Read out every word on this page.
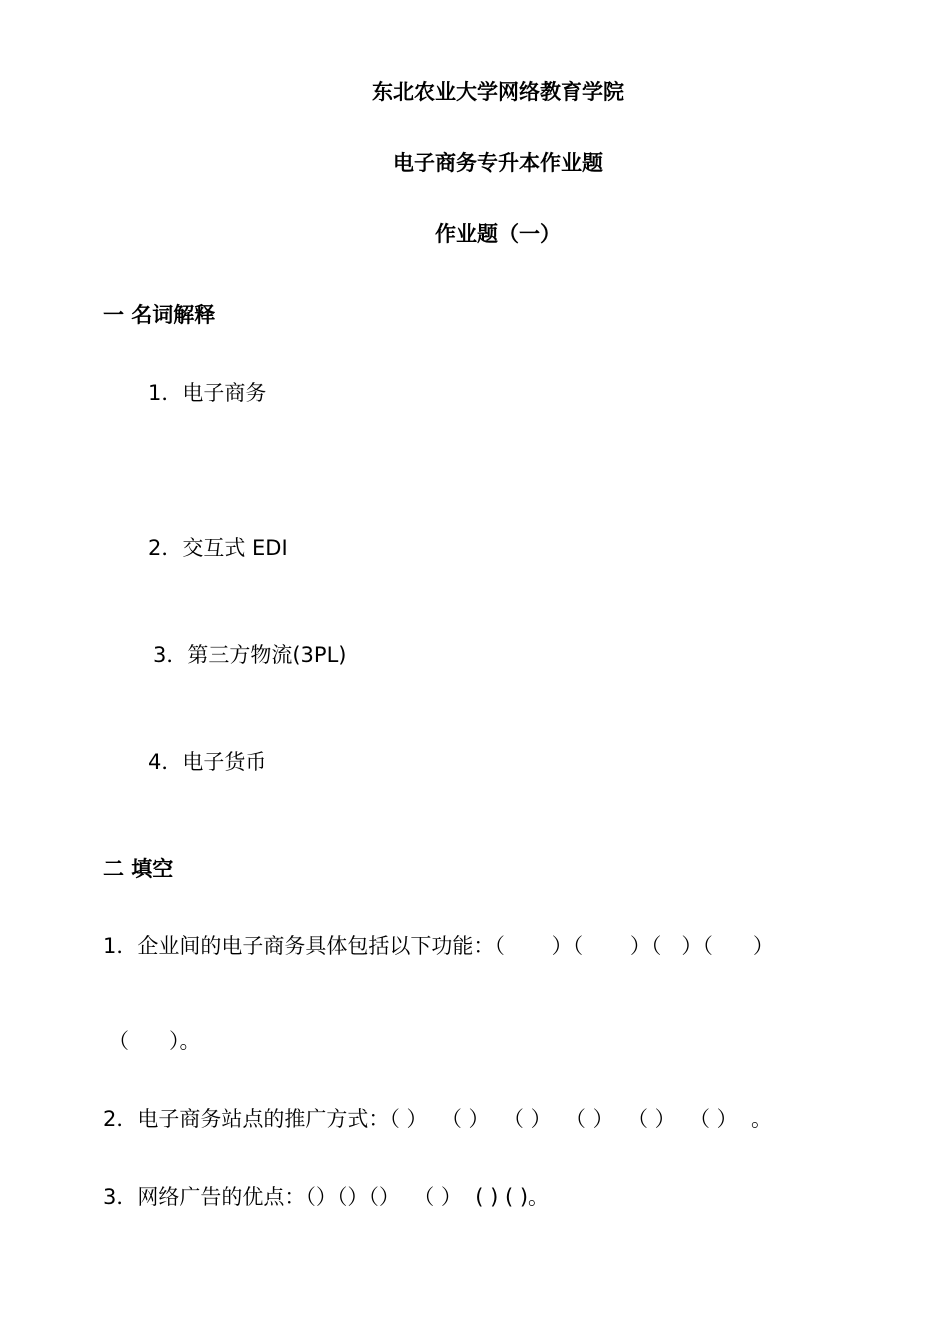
东北农业大学网络教育学院
电子商务专升本作业题
作业题（一）
一 名词解释
1．电子商务
2．交互式 EDI
3．第三方物流(3PL)
4．电子货币
二 填空
1．企业间的电子商务具体包括以下功能：（       ）（       ）（   ）（      ）
（      ）。
2．电子商务站点的推广方式：（ ）  （ ）  （ ）  （ ）  （ ）  （ ）  。
3．网络广告的优点：（）（）（）  （ ）  ( ) ( )。
